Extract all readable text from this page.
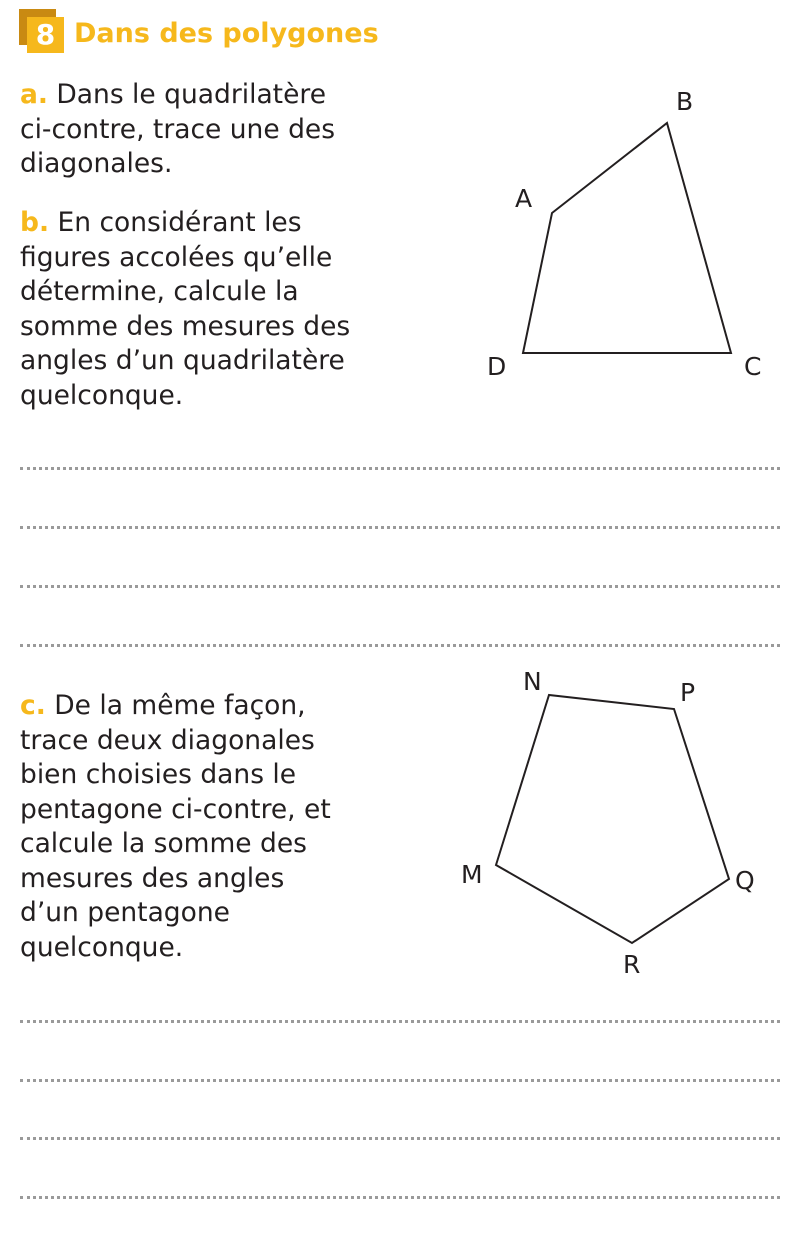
8 Dans des polygones
a. Dans le quadrilatère
ci-contre, trace une des
diagonales.
b. En considérant les
figures accolées qu’elle
détermine, calcule la
somme des mesures des
angles d’un quadrilatère
quelconque.
c. De la même façon,
trace deux diagonales
bien choisies dans le
pentagone ci-contre, et
calcule la somme des
mesures des angles
d’un pentagone
quelconque.
A
B
C
D
M
N	P
Q
R
